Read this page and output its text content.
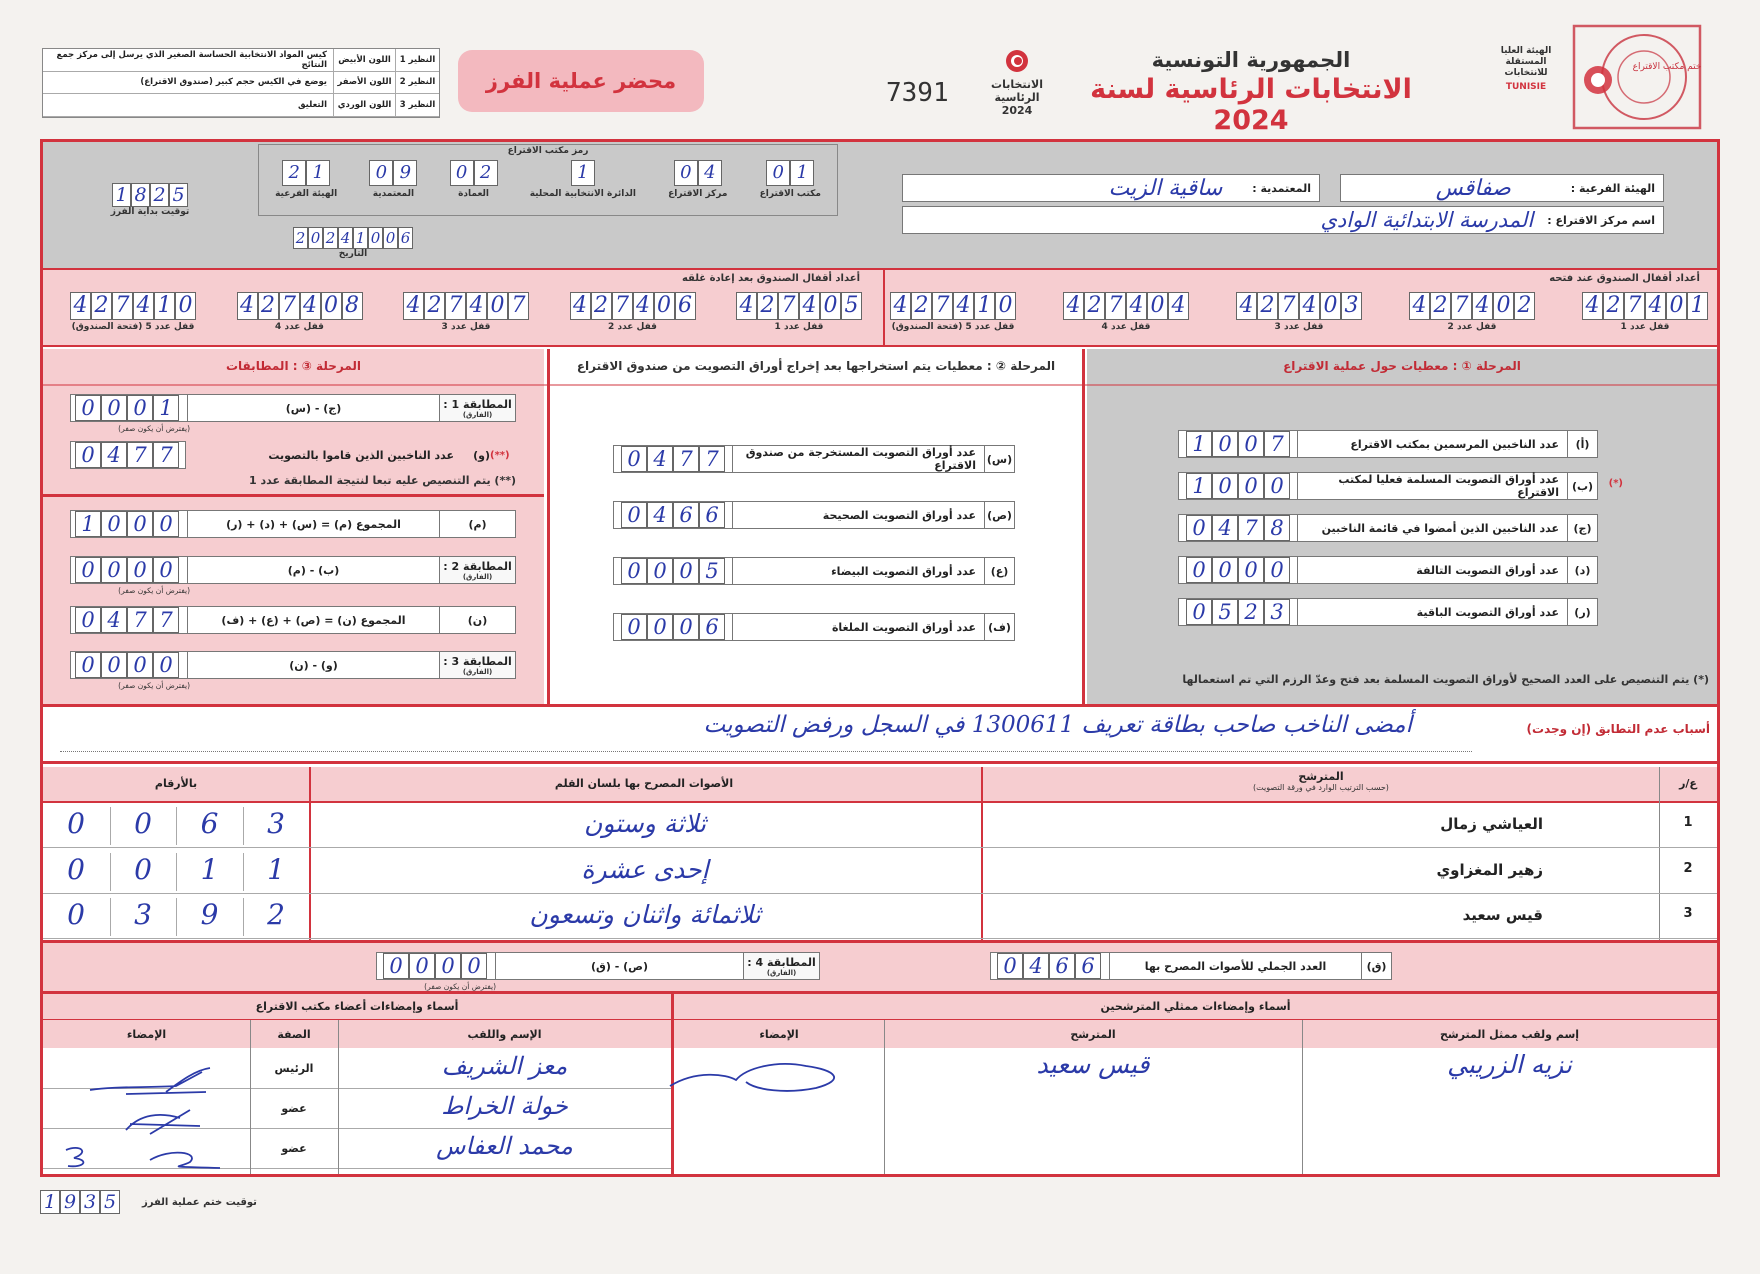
النظير 1
اللون الأبيض
كيس المواد الانتخابية الحساسة الصغير الذي يرسل إلى مركز جمع النتائج
النظير 2
اللون الأصفر
يوضع في الكيس حجم كبير (صندوق الاقتراع)
النظير 3
اللون الوردي
التعليق
محضر عملية الفرز	7391	الانتخابات الرئاسية 2024
الجمهورية التونسية
الانتخابات الرئاسية لسنة 2024
الهيئة العليا المستقلة للانتخابات
TUNISIE
ختم مكتب الاقتراع
الهيئة الفرعية :
صفاقس
المعتمدية :
ساقية الزيت
اسم مركز الاقتراع :
المدرسة الابتدائية الوادي
رمز مكتب الاقتراع
0 1
مكتب الاقتراع
0 4
مركز الاقتراع
1
الدائرة الانتخابية المحلية
0 2
العمادة
0 9
المعتمدية
2 1
الهيئة الفرعية
2 0 2 4 1 0 0 6
التاريخ
1 8 2 5
توقيت بداية الفرز
أعداد أقفال الصندوق عند فتحه
أعداد أقفال الصندوق بعد إعادة غلقه
4 2 7 4 0 1
قفل عدد 1
4 2 7 4 0 2
قفل عدد 2
4 2 7 4 0 3
قفل عدد 3
4 2 7 4 0 4
قفل عدد 4
4 2 7 4 1 0
قفل عدد 5 (فتحة الصندوق)
4 2 7 4 0 5
قفل عدد 1
4 2 7 4 0 6
قفل عدد 2
4 2 7 4 0 7
قفل عدد 3
4 2 7 4 0 8
قفل عدد 4
4 2 7 4 1 0
قفل عدد 5 (فتحة الصندوق)
المرحلة ① : معطيات حول عملية الاقتراع
المرحلة ② : معطيات يتم استخراجها بعد إخراج أوراق التصويت من صندوق الاقتراع
المرحلة ③ : المطابقات
(أ)
عدد الناخبين المرسمين بمكتب الاقتراع
1 0 0 7
(ب)
عدد أوراق التصويت المسلمة فعليا لمكتب الاقتراع
1 0 0 0	(*)
(ج)
عدد الناخبين الذين أمضوا في قائمة الناخبين
0 4 7 8
(د)
عدد أوراق التصويت التالفة
0 0 0 0
(ر)
عدد أوراق التصويت الباقية
0 5 2 3
(*) يتم التنصيص على العدد الصحيح لأوراق التصويت المسلمة بعد فتح وعدّ الرزم التي تم استعمالها
(س)
عدد أوراق التصويت المستخرجة من صندوق الاقتراع
0 4 7 7
(ص)
عدد أوراق التصويت الصحيحة
0 4 6 6
(ع)
عدد أوراق التصويت البيضاء
0 0 0 5
(ف)
عدد أوراق التصويت الملغاة
0 0 0 6
0 0 0 1	(ج) - (س)	المطابقة 1 :
(الفارق)
(يفترض أن يكون صفر)
0 4 7 7	عدد الناخبين الذين قاموا بالتصويت	(و) (**)
(**) يتم التنصيص عليه تبعا لنتيجة المطابقة عدد 1
1 0 0 0	المجموع (م) = (س) + (د) + (ر)	(م)
0 0 0 0	(ب) - (م)	المطابقة 2 :
(الفارق)
(يفترض أن يكون صفر)
0 4 7 7	المجموع (ن) = (ص) + (ع) + (ف)	(ن)
0 0 0 0	(و) - (ن)	المطابقة 3 :
(الفارق)
(يفترض أن يكون صفر)
أسباب عدم التطابق (إن وجدت)
أمضى الناخب صاحب بطاقة تعريف 1300611 في السجل ورفض التصويت
ع/ر
المترشح
(حسب الترتيب الوارد في ورقة التصويت)
الأصوات المصرح بها بلسان القلم
بالأرقام
1
العياشي زمال
ثلاثة وستون
0	0	6	3
2
زهير المغزاوي
إحدى عشرة
0	0	1	1
3
قيس سعيد
ثلاثمائة واثنان وتسعون
0	3	9	2
(ق)
العدد الجملي للأصوات المصرح بها
0 4 6 6
المطابقة 4 :
(الفارق)
(ص) - (ق)
0 0 0 0
(يفترض أن يكون صفر)
أسماء وإمضاءات ممثلي المترشحين
أسماء وإمضاءات أعضاء مكتب الاقتراع
إسم ولقب ممثل المترشح
المترشح
الإمضاء
الإسم واللقب
الصفة
الإمضاء
نزيه الزريبي
قيس سعيد
معز الشريف
الرئيس
خولة الخراط
عضو
محمد العفاس
عضو
1 9 3 5	توقيت ختم عملية الفرز
